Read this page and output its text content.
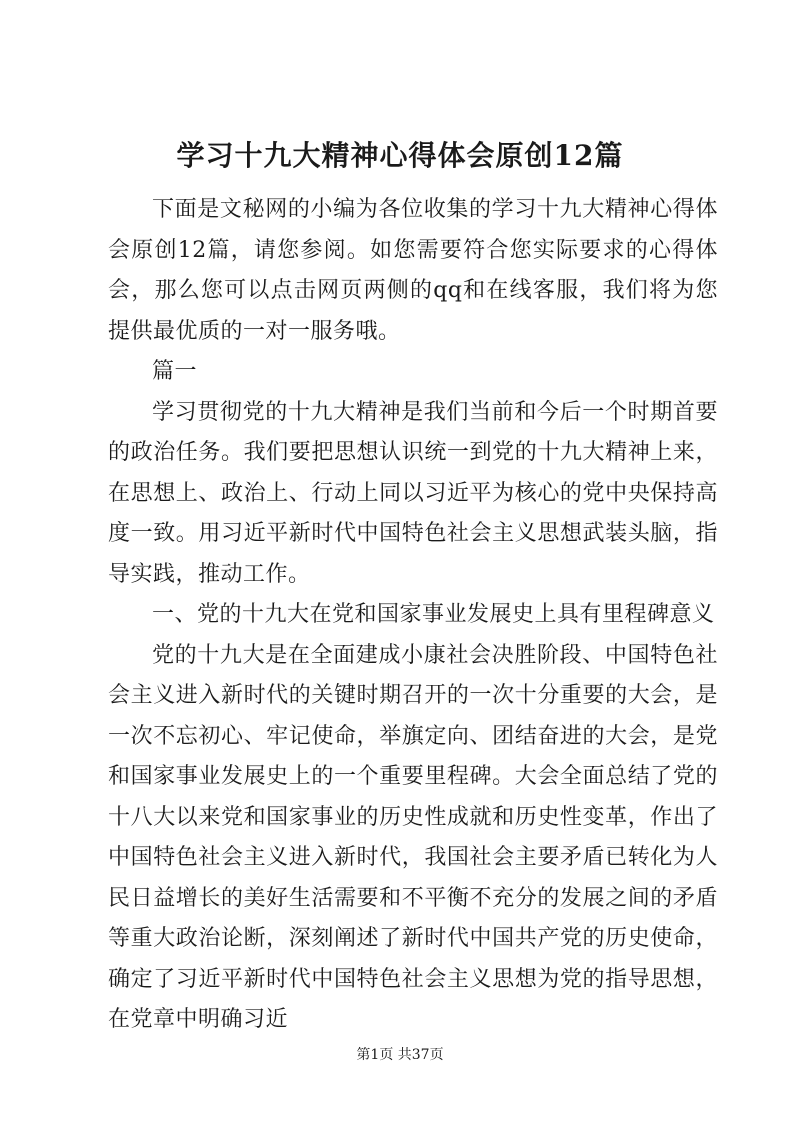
学习十九大精神心得体会原创12篇

下面是文秘网的小编为各位收集的学习十九大精神心得体会原创12篇，请您参阅。如您需要符合您实际要求的心得体会，那么您可以点击网页两侧的qq和在线客服，我们将为您提供最优质的一对一服务哦。

篇一

学习贯彻党的十九大精神是我们当前和今后一个时期首要的政治任务。我们要把思想认识统一到党的十九大精神上来，在思想上、政治上、行动上同以习近平为核心的党中央保持高度一致。用习近平新时代中国特色社会主义思想武装头脑，指导实践，推动工作。

一、党的十九大在党和国家事业发展史上具有里程碑意义

党的十九大是在全面建成小康社会决胜阶段、中国特色社会主义进入新时代的关键时期召开的一次十分重要的大会，是一次不忘初心、牢记使命，举旗定向、团结奋进的大会，是党和国家事业发展史上的一个重要里程碑。大会全面总结了党的十八大以来党和国家事业的历史性成就和历史性变革，作出了中国特色社会主义进入新时代，我国社会主要矛盾已转化为人民日益增长的美好生活需要和不平衡不充分的发展之间的矛盾等重大政治论断，深刻阐述了新时代中国共产党的历史使命，确定了习近平新时代中国特色社会主义思想为党的指导思想，在党章中明确习近

第1页 共37页
